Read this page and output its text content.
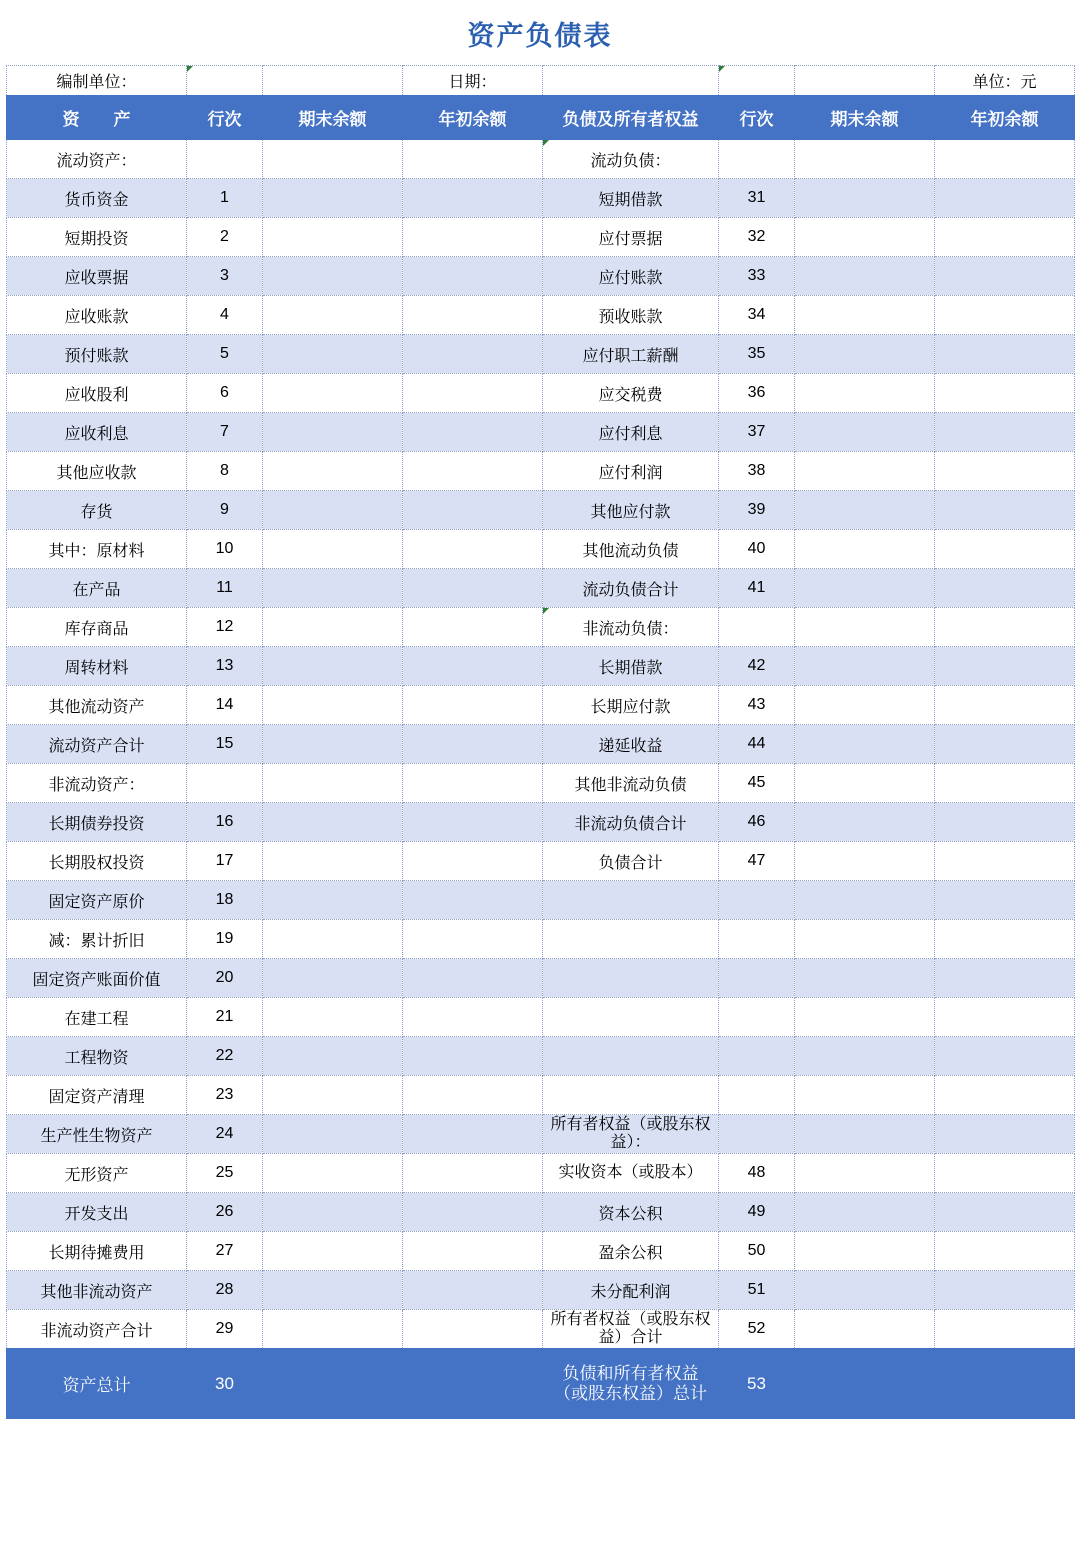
资产负债表
编制单位：			日期：				单位：元
资　　产	行次	期末余额	年初余额	负债及所有者权益	行次	期末余额	年初余额
流动资产：				流动负债：			
货币资金	1			短期借款	31		
短期投资	2			应付票据	32		
应收票据	3			应付账款	33		
应收账款	4			预收账款	34		
预付账款	5			应付职工薪酬	35		
应收股利	6			应交税费	36		
应收利息	7			应付利息	37		
其他应收款	8			应付利润	38		
存货	9			其他应付款	39		
其中：原材料	10			其他流动负债	40		
在产品	11			流动负债合计	41		
库存商品	12			非流动负债：			
周转材料	13			长期借款	42		
其他流动资产	14			长期应付款	43		
流动资产合计	15			递延收益	44		
非流动资产：				其他非流动负债	45		
长期债券投资	16			非流动负债合计	46		
长期股权投资	17			负债合计	47		
固定资产原价	18						
减：累计折旧	19						
固定资产账面价值	20						
在建工程	21						
工程物资	22						
固定资产清理	23						
生产性生物资产	24			所有者权益（或股东权益）：			
无形资产	25			实收资本（或股本）	48		
开发支出	26			资本公积	49		
长期待摊费用	27			盈余公积	50		
其他非流动资产	28			未分配利润	51		
非流动资产合计	29			所有者权益（或股东权益）合计	52		
资产总计	30			负债和所有者权益（或股东权益）总计	53		
